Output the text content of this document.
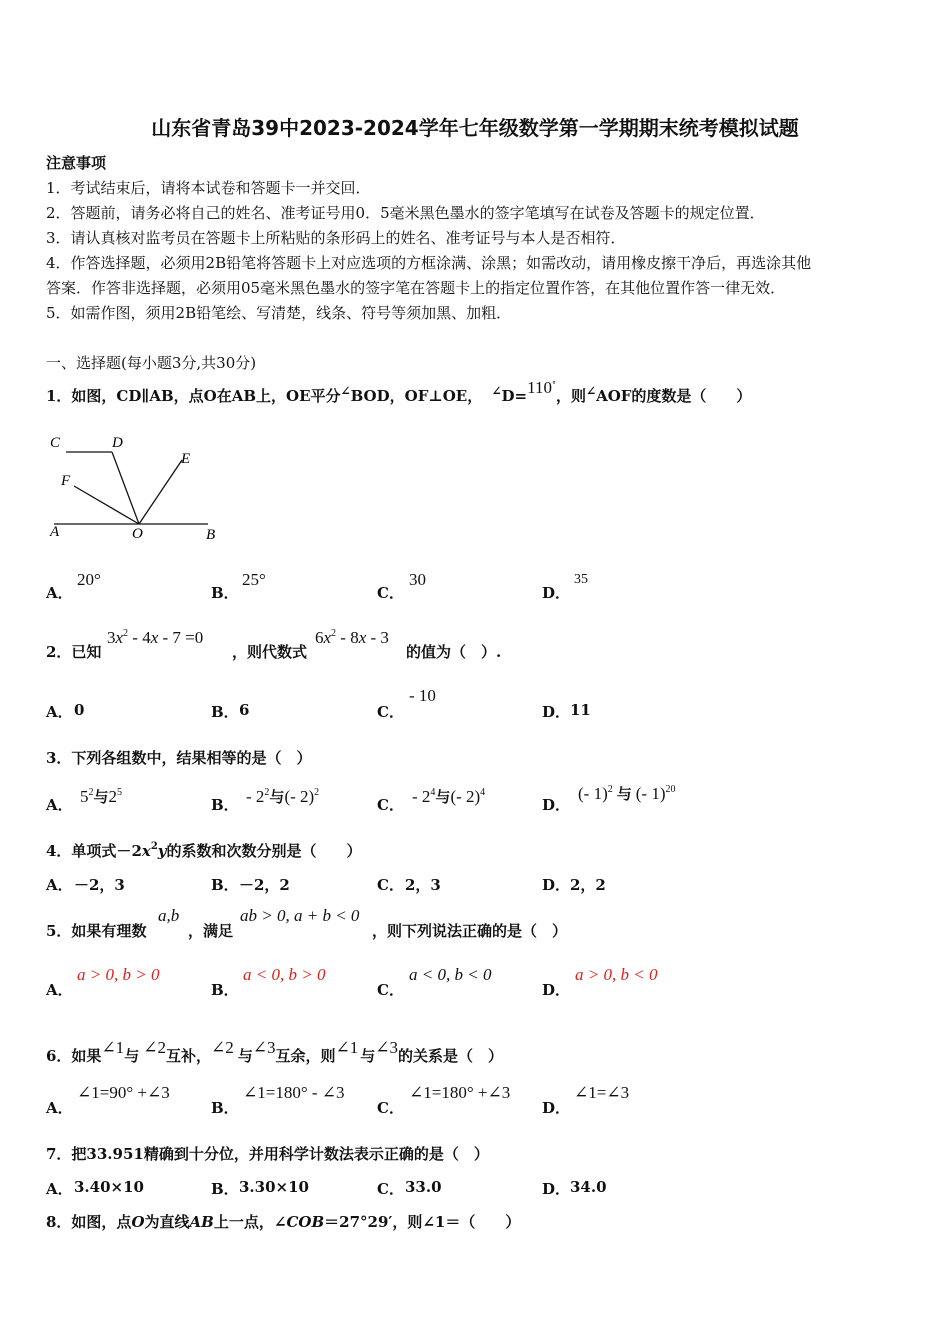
山东省青岛39中2023-2024学年七年级数学第一学期期末统考模拟试题
注意事项
1．考试结束后，请将本试卷和答题卡一并交回．
2．答题前，请务必将自己的姓名、准考证号用0．5毫米黑色墨水的签字笔填写在试卷及答题卡的规定位置．
3．请认真核对监考员在答题卡上所粘贴的条形码上的姓名、准考证号与本人是否相符．
4．作答选择题，必须用2B铅笔将答题卡上对应选项的方框涂满、涂黑；如需改动，请用橡皮擦干净后，再选涂其他
答案．作答非选择题，必须用05毫米黑色墨水的签字笔在答题卡上的指定位置作答，在其他位置作答一律无效．
5．如需作图，须用2B铅笔绘、写清楚，线条、符号等须加黑、加粗．
一、选择题(每小题3分,共30分)
1．如图，CD∥AB，点O在AB上，OE平分∠BOD，OF⊥OE， ∠D=110°，则∠AOF的度数是（　　）
C	D
E
F
A	O	B
A．
20°
B．
25°
C．
30
D．
35
2．已知
$3x^2 - 4x - 7 =0$
，则代数式
$6x^2 - 8x - 3$
的值为（　）.
A． 0	B． 6	C．
- 10
D． 11
3．下列各组数中，结果相等的是（　）
A． $5^2$与$2^5$
B． - $2^2$与(- 2)$^2$
C． - $2^4$与(- 2)$^4$
D．
(- 1)$^2$ 与 (- 1)$^{20}$
4．单项式$-2x^2y$的系数和次数分别是（　　）
A． －2，3	B． －2，2	C． 2，3	D． 2，2
5．如果有理数
a,b
，满足
ab > 0, a + b < 0
，则下列说法正确的是（　）
A．
a > 0, b > 0
B．
a < 0, b > 0
C．
a < 0, b < 0
D．
a > 0, b < 0
6．如果∠1与 ∠2互补，∠2 与∠3互余，则∠1 与∠3的关系是（　）
A．
∠1=90° +∠3
B．
∠1=180° - ∠3
C．
∠1=180° +∠3
D．
∠1=∠3
7．把33.951精确到十分位，并用科学计数法表示正确的是（　）
A． 3.40×10	B． 3.30×10	C． 33.0	D． 34.0
8．如图，点O为直线AB上一点，∠COB＝27°29′，则∠1＝（　　）
